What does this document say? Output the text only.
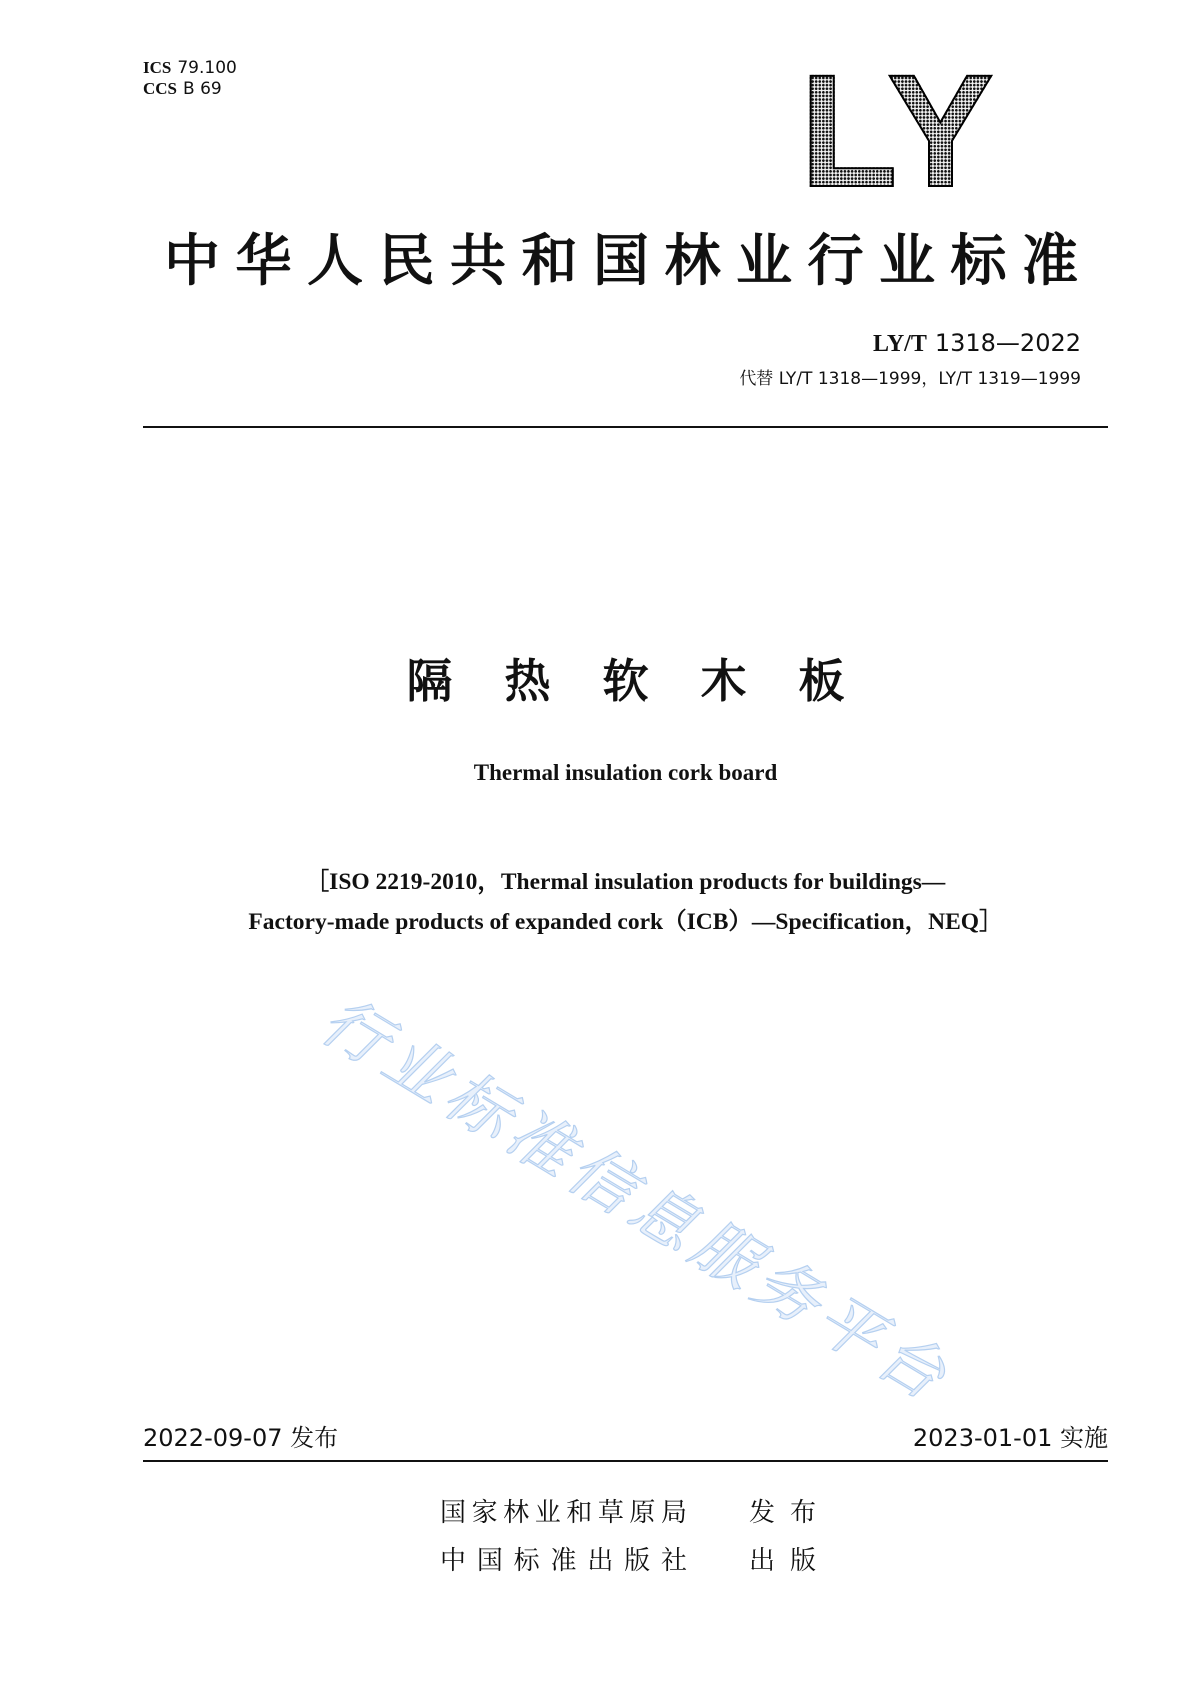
ICS 79.100
CCS B 69	LY
中华人民共和国林业行业标准
LY/T 1318—2022
代替 LY/T 1318—1999，LY/T 1319—1999
隔 热 软 木 板
Thermal insulation cork board
［ISO 2219-2010，Thermal insulation products for buildings—
Factory-made products of expanded cork（ICB）—Specification，NEQ］
行业标准信息服务平台
2022-09-07 发布	2023-01-01 实施
国家林业和草原局 发 布
中国标准出版社 出 版
